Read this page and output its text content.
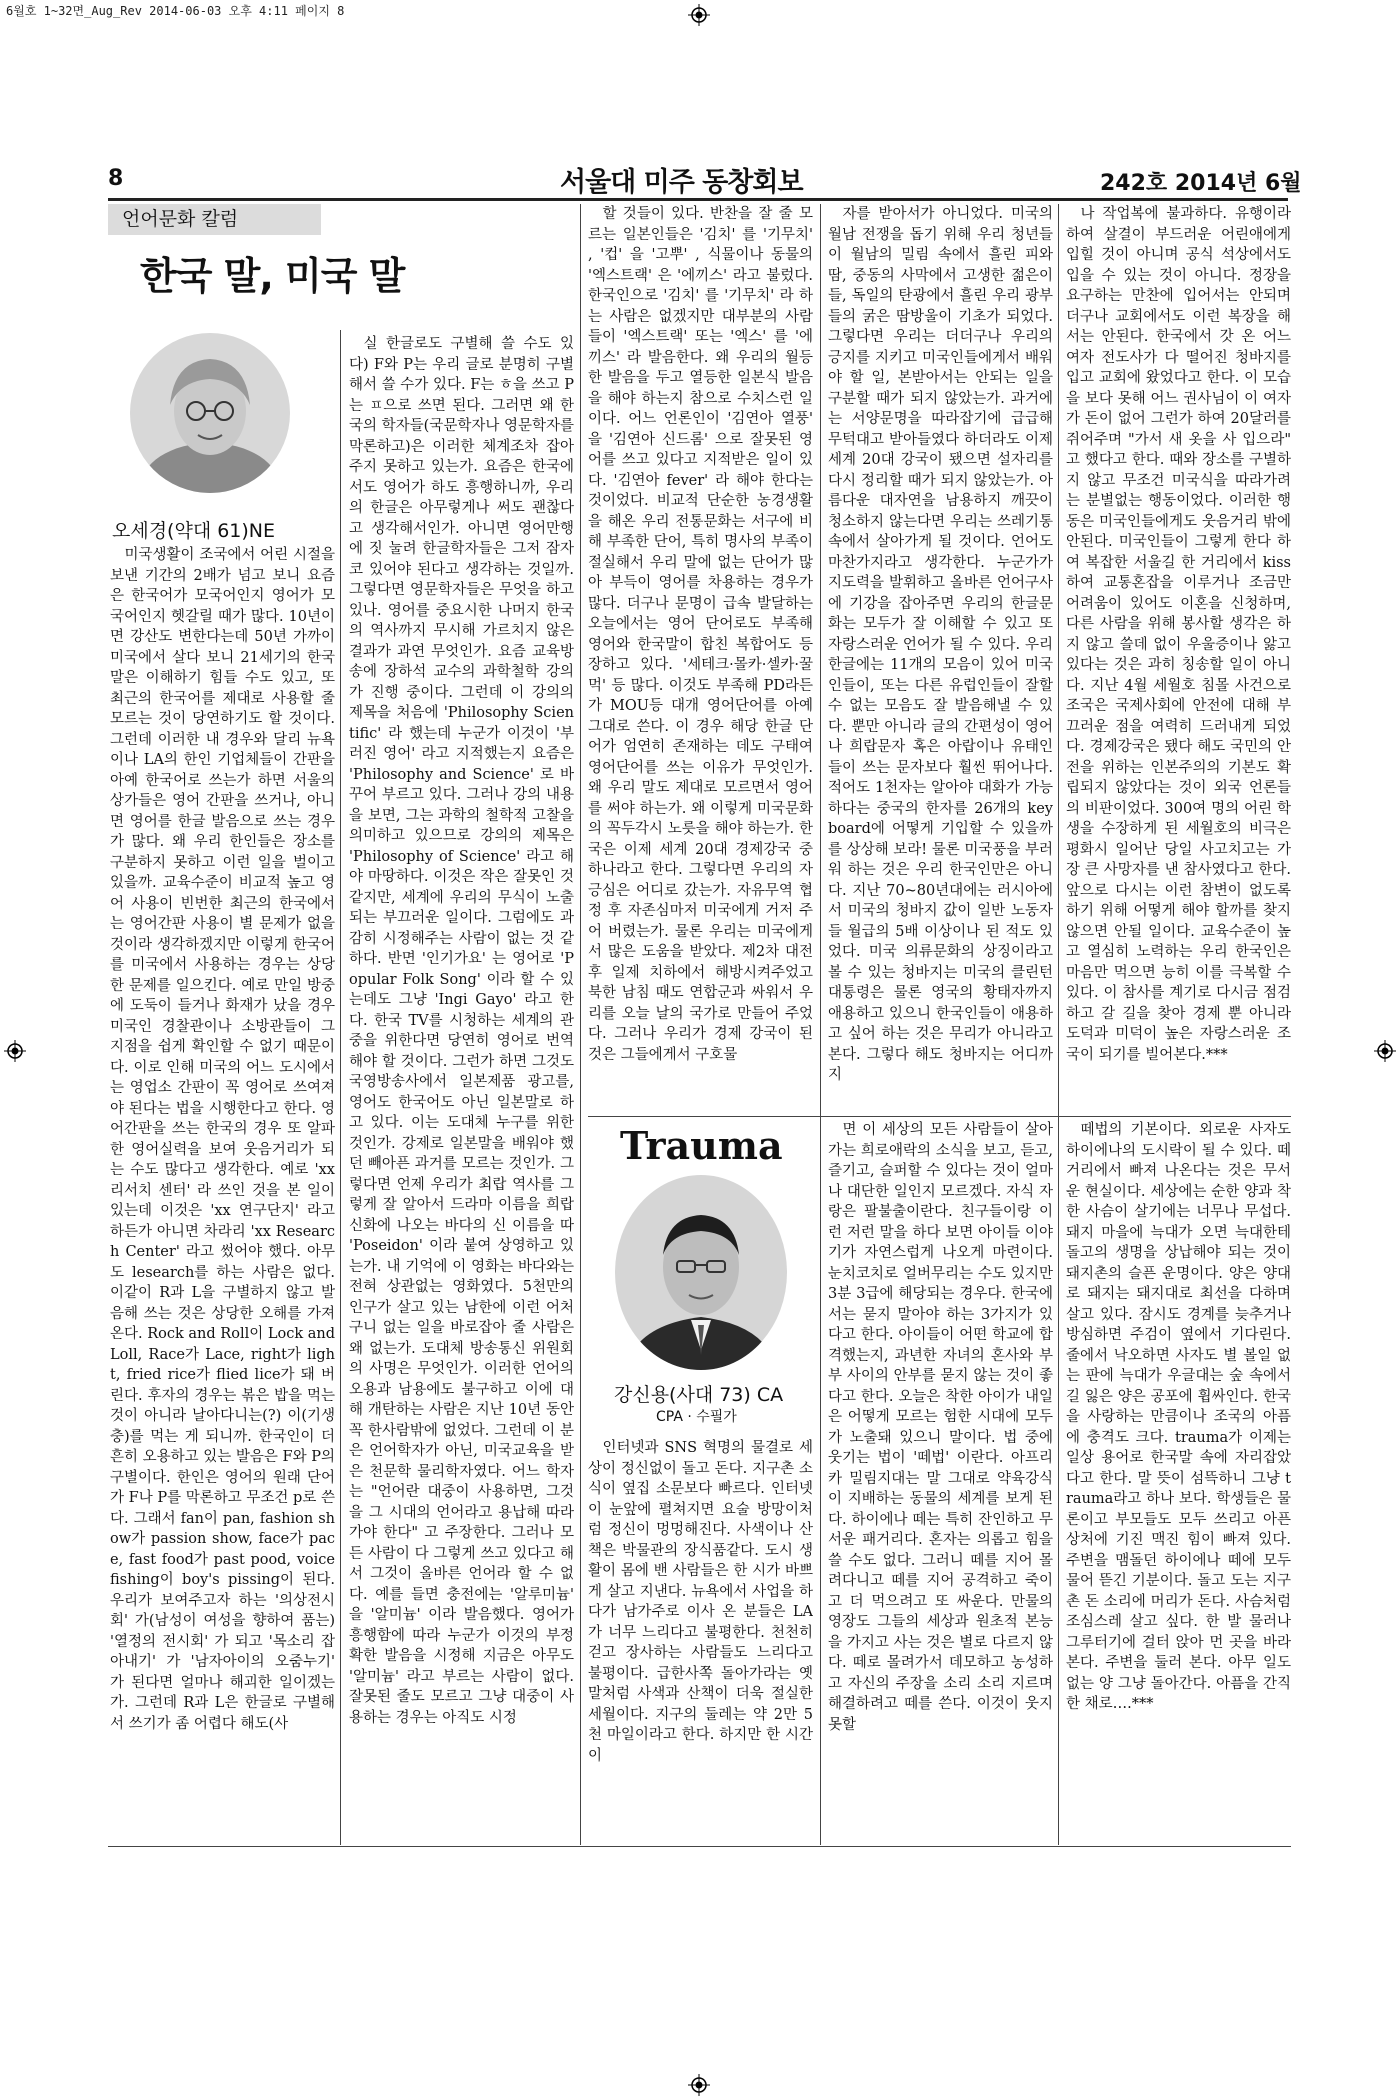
6월호 1~32면_Aug_Rev 2014-06-03 오후 4:11 페이지 8
8	서울대 미주 동창회보	242호 2014년 6월
언어문화 칼럼
한국 말, 미국 말
오세경(약대 61)NE

미국생활이 조국에서 어린 시절을 보낸 기간의 2배가 넘고 보니 요즘은 한국어가 모국어인지 영어가 모국어인지 헷갈릴 때가 많다. 10년이면 강산도 변한다는데 50년 가까이 미국에서 살다 보니 21세기의 한국말은 이해하기 힘들 수도 있고, 또 최근의 한국어를 제대로 사용할 줄 모르는 것이 당연하기도 할 것이다. 그런데 이러한 내 경우와 달리 뉴욕이나 LA의 한인 기업체들이 간판을 아예 한국어로 쓰는가 하면 서울의 상가들은 영어 간판을 쓰거나, 아니면 영어를 한글 발음으로 쓰는 경우가 많다. 왜 우리 한인들은 장소를 구분하지 못하고 이런 일을 벌이고 있을까. 교육수준이 비교적 높고 영어 사용이 빈번한 최근의 한국에서는 영어간판 사용이 별 문제가 없을 것이라 생각하겠지만 이렇게 한국어를 미국에서 사용하는 경우는 상당한 문제를 일으킨다. 예로 만일 방중에 도둑이 들거나 화재가 났을 경우 미국인 경찰관이나 소방관들이 그 지점을 쉽게 확인할 수 없기 때문이다. 이로 인해 미국의 어느 도시에서는 영업소 간판이 꼭 영어로 쓰여져야 된다는 법을 시행한다고 한다. 영어간판을 쓰는 한국의 경우 또 알파한 영어실력을 보여 웃음거리가 되는 수도 많다고 생각한다. 예로 'xx 리서치 센터' 라 쓰인 것을 본 일이 있는데 이것은 'xx 연구단지' 라고 하든가 아니면 차라리 'xx Research Center' 라고 썼어야 했다. 아무도 lesearch를 하는 사람은 없다. 이같이 R과 L을 구별하지 않고 발음해 쓰는 것은 상당한 오해를 가져온다. Rock and Roll이 Lock and Loll, Race가 Lace, right가 light, fried rice가 flied lice가 돼 버린다. 후자의 경우는 볶은 밥을 먹는 것이 아니라 날아다니는(?) 이(기생충)를 먹는 게 되니까. 한국인이 더 흔히 오용하고 있는 발음은 F와 P의 구별이다. 한인은 영어의 원래 단어가 F나 P를 막론하고 무조건 p로 쓴다. 그래서 fan이 pan, fashion show가 passion show, face가 pace, fast food가 past pood, voice fishing이 boy's pissing이 된다. 우리가 보여주고자 하는 '의상전시회' 가(남성이 여성을 향하여 품는) '열정의 전시회' 가 되고 '목소리 잡아내기' 가 '남자아이의 오줌누기' 가 된다면 얼마나 해괴한 일이겠는가. 그런데 R과 L은 한글로 구별해서 쓰기가 좀 어렵다 해도(사

실 한글로도 구별해 쓸 수도 있다) F와 P는 우리 글로 분명히 구별해서 쓸 수가 있다. F는 ㅎ을 쓰고 P는 ㅍ으로 쓰면 된다. 그러면 왜 한국의 학자들(국문학자나 영문학자를 막론하고)은 이러한 체계조차 잡아주지 못하고 있는가. 요즘은 한국에서도 영어가 하도 흥행하니까, 우리의 한글은 아무렇게나 써도 괜찮다고 생각해서인가. 아니면 영어만행에 짓 눌려 한글학자들은 그저 잠자코 있어야 된다고 생각하는 것일까. 그렇다면 영문학자들은 무엇을 하고 있나. 영어를 중요시한 나머지 한국의 역사까지 무시해 가르치지 않은 결과가 과연 무엇인가. 요즘 교육방송에 장하석 교수의 과학철학 강의가 진행 중이다. 그런데 이 강의의 제목을 처음에 'Philosophy Scientific' 라 했는데 누군가 이것이 '부러진 영어' 라고 지적했는지 요즘은 'Philosophy and Science' 로 바꾸어 부르고 있다. 그러나 강의 내용을 보면, 그는 과학의 철학적 고찰을 의미하고 있으므로 강의의 제목은 'Philosophy of Science' 라고 해야 마땅하다. 이것은 작은 잘못인 것 같지만, 세계에 우리의 무식이 노출되는 부끄러운 일이다. 그럼에도 과감히 시정해주는 사람이 없는 것 같 하다. 반면 '인기가요' 는 영어로 'Popular Folk Song' 이라 할 수 있는데도 그냥 'Ingi Gayo' 라고 한다. 한국 TV를 시청하는 세계의 관중을 위한다면 당연히 영어로 번역해야 할 것이다. 그런가 하면 그것도 국영방송사에서 일본제품 광고를, 영어도 한국어도 아닌 일본말로 하고 있다. 이는 도대체 누구를 위한 것인가. 강제로 일본말을 배워야 했던 빼아픈 과거를 모르는 것인가. 그렇다면 언제 우리가 최랍 역사를 그렇게 잘 알아서 드라마 이름을 희랍신화에 나오는 바다의 신 이름을 따 'Poseidon' 이라 붙여 상영하고 있는가. 내 기억에 이 영화는 바다와는 전혀 상관없는 영화였다. 5천만의 인구가 살고 있는 남한에 이런 어처구니 없는 일을 바로잡아 줄 사람은 왜 없는가. 도대체 방송통신 위원회의 사명은 무엇인가. 이러한 언어의 오용과 남용에도 불구하고 이에 대해 개탄하는 사람은 지난 10년 동안 꼭 한사람밖에 없었다. 그런데 이 분은 언어학자가 아닌, 미국교육을 받은 천문학 물리학자였다. 어느 학자는 "언어란 대중이 사용하면, 그것을 그 시대의 언어라고 용납해 따라가야 한다" 고 주장한다. 그러나 모든 사람이 다 그렇게 쓰고 있다고 해서 그것이 올바른 언어라 할 수 없다. 예를 들면 충전에는 '알루미늄' 을 '알미늄' 이라 발음했다. 영어가 흥행함에 따라 누군가 이것의 부정확한 발음을 시정해 지금은 아무도 '알미늄' 라고 부르는 사람이 없다. 잘못된 줄도 모르고 그냥 대중이 사용하는 경우는 아직도 시정

할 것들이 있다. 반찬을 잘 줄 모르는 일본인들은 '김치' 를 '기무치' , '컵' 을 '고뿌' , 식물이나 동물의 '엑스트랙' 은 '에끼스' 라고 불렀다. 한국인으로 '김치' 를 '기무치' 라 하는 사람은 없겠지만 대부분의 사람들이 '엑스트랙' 또는 '엑스' 를 '에끼스' 라 발음한다. 왜 우리의 월등한 발음을 두고 열등한 일본식 발음을 해야 하는지 참으로 수치스런 일이다. 어느 언론인이 '김연아 열풍' 을 '김연아 신드롬' 으로 잘못된 영어를 쓰고 있다고 지적받은 일이 있다. '김연아 fever' 라 해야 한다는 것이었다. 비교적 단순한 농경생활을 해온 우리 전통문화는 서구에 비해 부족한 단어, 특히 명사의 부족이 절실해서 우리 말에 없는 단어가 많아 부득이 영어를 차용하는 경우가 많다. 더구나 문명이 급속 발달하는 오늘에서는 영어 단어로도 부족해 영어와 한국말이 합친 복합어도 등장하고 있다. '세테크·몰카·셀카·꿀먹' 등 많다. 이것도 부족해 PD라든가 MOU등 대개 영어단어를 아예 그대로 쓴다. 이 경우 해당 한글 단어가 엄연히 존재하는 데도 구태여 영어단어를 쓰는 이유가 무엇인가. 왜 우리 말도 제대로 모르면서 영어를 써야 하는가. 왜 이렇게 미국문화의 꼭두각시 노릇을 해야 하는가. 한국은 이제 세계 20대 경제강국 중 하나라고 한다. 그렇다면 우리의 자긍심은 어디로 갔는가. 자유무역 협정 후 자존심마저 미국에게 거저 주어 버렸는가. 물론 우리는 미국에게서 많은 도움을 받았다. 제2차 대전후 일제 치하에서 해방시켜주었고 북한 남침 때도 연합군과 싸워서 우리를 오늘 날의 국가로 만들어 주었다. 그러나 우리가 경제 강국이 된 것은 그들에게서 구호물

자를 받아서가 아니었다. 미국의 월남 전쟁을 돕기 위해 우리 청년들이 월남의 밀림 속에서 흘린 피와 땀, 중동의 사막에서 고생한 젊은이들, 독일의 탄광에서 흘린 우리 광부들의 굵은 땀방울이 기초가 되었다. 그렇다면 우리는 더더구나 우리의 긍지를 지키고 미국인들에게서 배워야 할 일, 본받아서는 안되는 일을 구분할 때가 되지 않았는가. 과거에는 서양문명을 따라잡기에 급급해 무턱대고 받아들였다 하더라도 이제 세계 20대 강국이 됐으면 설자리를 다시 정리할 때가 되지 않았는가. 아름다운 대자연을 남용하지 깨끗이 청소하지 않는다면 우리는 쓰레기통 속에서 살아가게 될 것이다. 언어도 마찬가지라고 생각한다. 누군가가 지도력을 발휘하고 올바른 언어구사에 기강을 잡아주면 우리의 한글문화는 모두가 잘 이해할 수 있고 또 자랑스러운 언어가 될 수 있다. 우리 한글에는 11개의 모음이 있어 미국인들이, 또는 다른 유럽인들이 잘할 수 없는 모음도 잘 발음해낼 수 있다. 뿐만 아니라 글의 간편성이 영어나 희랍문자 혹은 아랍이나 유태인들이 쓰는 문자보다 훨씬 뛰어나다. 적어도 1천자는 알아야 대화가 가능하다는 중국의 한자를 26개의 key board에 어떻게 기입할 수 있을까를 상상해 보라! 물론 미국풍을 부러워 하는 것은 우리 한국인만은 아니다. 지난 70~80년대에는 러시아에서 미국의 청바지 값이 일반 노동자들 월급의 5배 이상이나 된 적도 있었다. 미국 의류문화의 상징이라고 볼 수 있는 청바지는 미국의 클린턴 대통령은 물론 영국의 황태자까지 애용하고 있으니 한국인들이 애용하고 싶어 하는 것은 무리가 아니라고 본다. 그렇다 해도 청바지는 어디까지

나 작업복에 불과하다. 유행이라 하여 살결이 부드러운 어린애에게 입힐 것이 아니며 공식 석상에서도 입을 수 있는 것이 아니다. 정장을 요구하는 만찬에 입어서는 안되며 더구나 교회에서도 이런 복장을 해서는 안된다. 한국에서 갓 온 어느 여자 전도사가 다 떨어진 청바지를 입고 교회에 왔었다고 한다. 이 모습을 보다 못해 어느 권사님이 이 여자가 돈이 없어 그런가 하여 20달러를 쥐어주며 "가서 새 옷을 사 입으라" 고 했다고 한다. 때와 장소를 구별하지 않고 무조건 미국식을 따라가려는 분별없는 행동이었다. 이러한 행동은 미국인들에게도 웃음거리 밖에 안된다. 미국인들이 그렇게 한다 하여 복잡한 서울길 한 거리에서 kiss하여 교통혼잡을 이루거나 조금만 어려움이 있어도 이혼을 신청하며, 다른 사람을 위해 봉사할 생각은 하지 않고 쓸데 없이 우울증이나 앓고 있다는 것은 과히 칭송할 일이 아니다. 지난 4월 세월호 침몰 사건으로 조국은 국제사회에 안전에 대해 부끄러운 점을 여력히 드러내게 되었다. 경제강국은 됐다 해도 국민의 안전을 위하는 인본주의의 기본도 확립되지 않았다는 것이 외국 언론들의 비판이었다. 300여 명의 어린 학생을 수장하게 된 세월호의 비극은 평화시 일어난 당일 사고치고는 가장 큰 사망자를 낸 참사였다고 한다. 앞으로 다시는 이런 참변이 없도록 하기 위해 어떻게 해야 할까를 찾지 않으면 안될 일이다. 교육수준이 높고 열심히 노력하는 우리 한국인은 마음만 먹으면 능히 이를 극복할 수 있다. 이 참사를 계기로 다시금 점검하고 갈 길을 찾아 경제 뿐 아니라 도덕과 미덕이 높은 자랑스러운 조국이 되기를 빌어본다.***

Trauma
강신용(사대 73) CA
CPA · 수필가

인터넷과 SNS 혁명의 물결로 세상이 정신없이 돌고 돈다. 지구촌 소식이 옆집 소문보다 빠르다. 인터넷이 눈앞에 펼쳐지면 요술 방망이처럼 정신이 멍멍해진다. 사색이나 산책은 박물관의 장식품같다. 도시 생활이 몸에 밴 사람들은 한 시가 바쁘게 살고 지낸다. 뉴욕에서 사업을 하다가 남가주로 이사 온 분들은 LA가 너무 느리다고 불평한다. 천천히 걷고 장사하는 사람들도 느리다고 불평이다. 급한사쪽 돌아가라는 옛 말처럼 사색과 산책이 더욱 절실한 세월이다. 지구의 둘레는 약 2만 5천 마일이라고 한다. 하지만 한 시간이

면 이 세상의 모든 사람들이 살아가는 희로애락의 소식을 보고, 듣고, 즐기고, 슬퍼할 수 있다는 것이 얼마나 대단한 일인지 모르겠다. 자식 자랑은 팔불출이란다. 친구들이랑 이런 저런 말을 하다 보면 아이들 이야기가 자연스럽게 나오게 마련이다. 눈치코치로 얼버무리는 수도 있지만 3분 3급에 해당되는 경우다. 한국에서는 묻지 말아야 하는 3가지가 있다고 한다. 아이들이 어떤 학교에 합격했는지, 과년한 자녀의 혼사와 부부 사이의 안부를 묻지 않는 것이 좋다고 한다. 오늘은 착한 아이가 내일은 어떻게 모르는 험한 시대에 모두가 노출돼 있으니 말이다. 법 중에 웃기는 법이 '떼법' 이란다. 아프리카 밀림지대는 말 그대로 약육강식이 지배하는 동물의 세계를 보게 된다. 하이에나 떼는 특히 잔인하고 무서운 패거리다. 혼자는 의롭고 힘을 쓸 수도 없다. 그러니 떼를 지어 몰려다니고 떼를 지어 공격하고 죽이고 더 먹으려고 또 싸운다. 만물의 영장도 그들의 세상과 원초적 본능을 가지고 사는 것은 별로 다르지 않다. 떼로 몰려가서 데모하고 농성하고 자신의 주장을 소리 소리 지르며 해결하려고 떼를 쓴다. 이것이 웃지 못할

떼법의 기본이다. 외로운 사자도 하이에나의 도시락이 될 수 있다. 떼거리에서 빠져 나온다는 것은 무서운 현실이다. 세상에는 순한 양과 착한 사슴이 살기에는 너무나 무섭다. 돼지 마을에 늑대가 오면 늑대한테 돌고의 생명을 상납해야 되는 것이 돼지촌의 슬픈 운명이다. 양은 양대로 돼지는 돼지대로 최선을 다하며 살고 있다. 잠시도 경계를 늦추거나 방심하면 주검이 옆에서 기다린다. 줄에서 낙오하면 사자도 별 볼일 없는 판에 늑대가 우글대는 숲 속에서 길 잃은 양은 공포에 휩싸인다. 한국을 사랑하는 만큼이나 조국의 아픔에 충격도 크다. trauma가 이제는 일상 용어로 한국말 속에 자리잡았다고 한다. 말 뜻이 섬뜩하니 그냥 trauma라고 하나 보다. 학생들은 물론이고 부모들도 모두 쓰리고 아픈 상처에 기진 맥진 힘이 빠져 있다. 주변을 맴돌던 하이에나 떼에 모두 물어 뜯긴 기분이다. 돌고 도는 지구촌 돈 소리에 머리가 돈다. 사슴처럼 조심스레 살고 싶다. 한 발 물러나 그루터기에 걸터 앉아 먼 곳을 바라본다. 주변을 둘러 본다. 아무 일도 없는 양 그냥 돌아간다. 아픔을 간직한 채로….***
